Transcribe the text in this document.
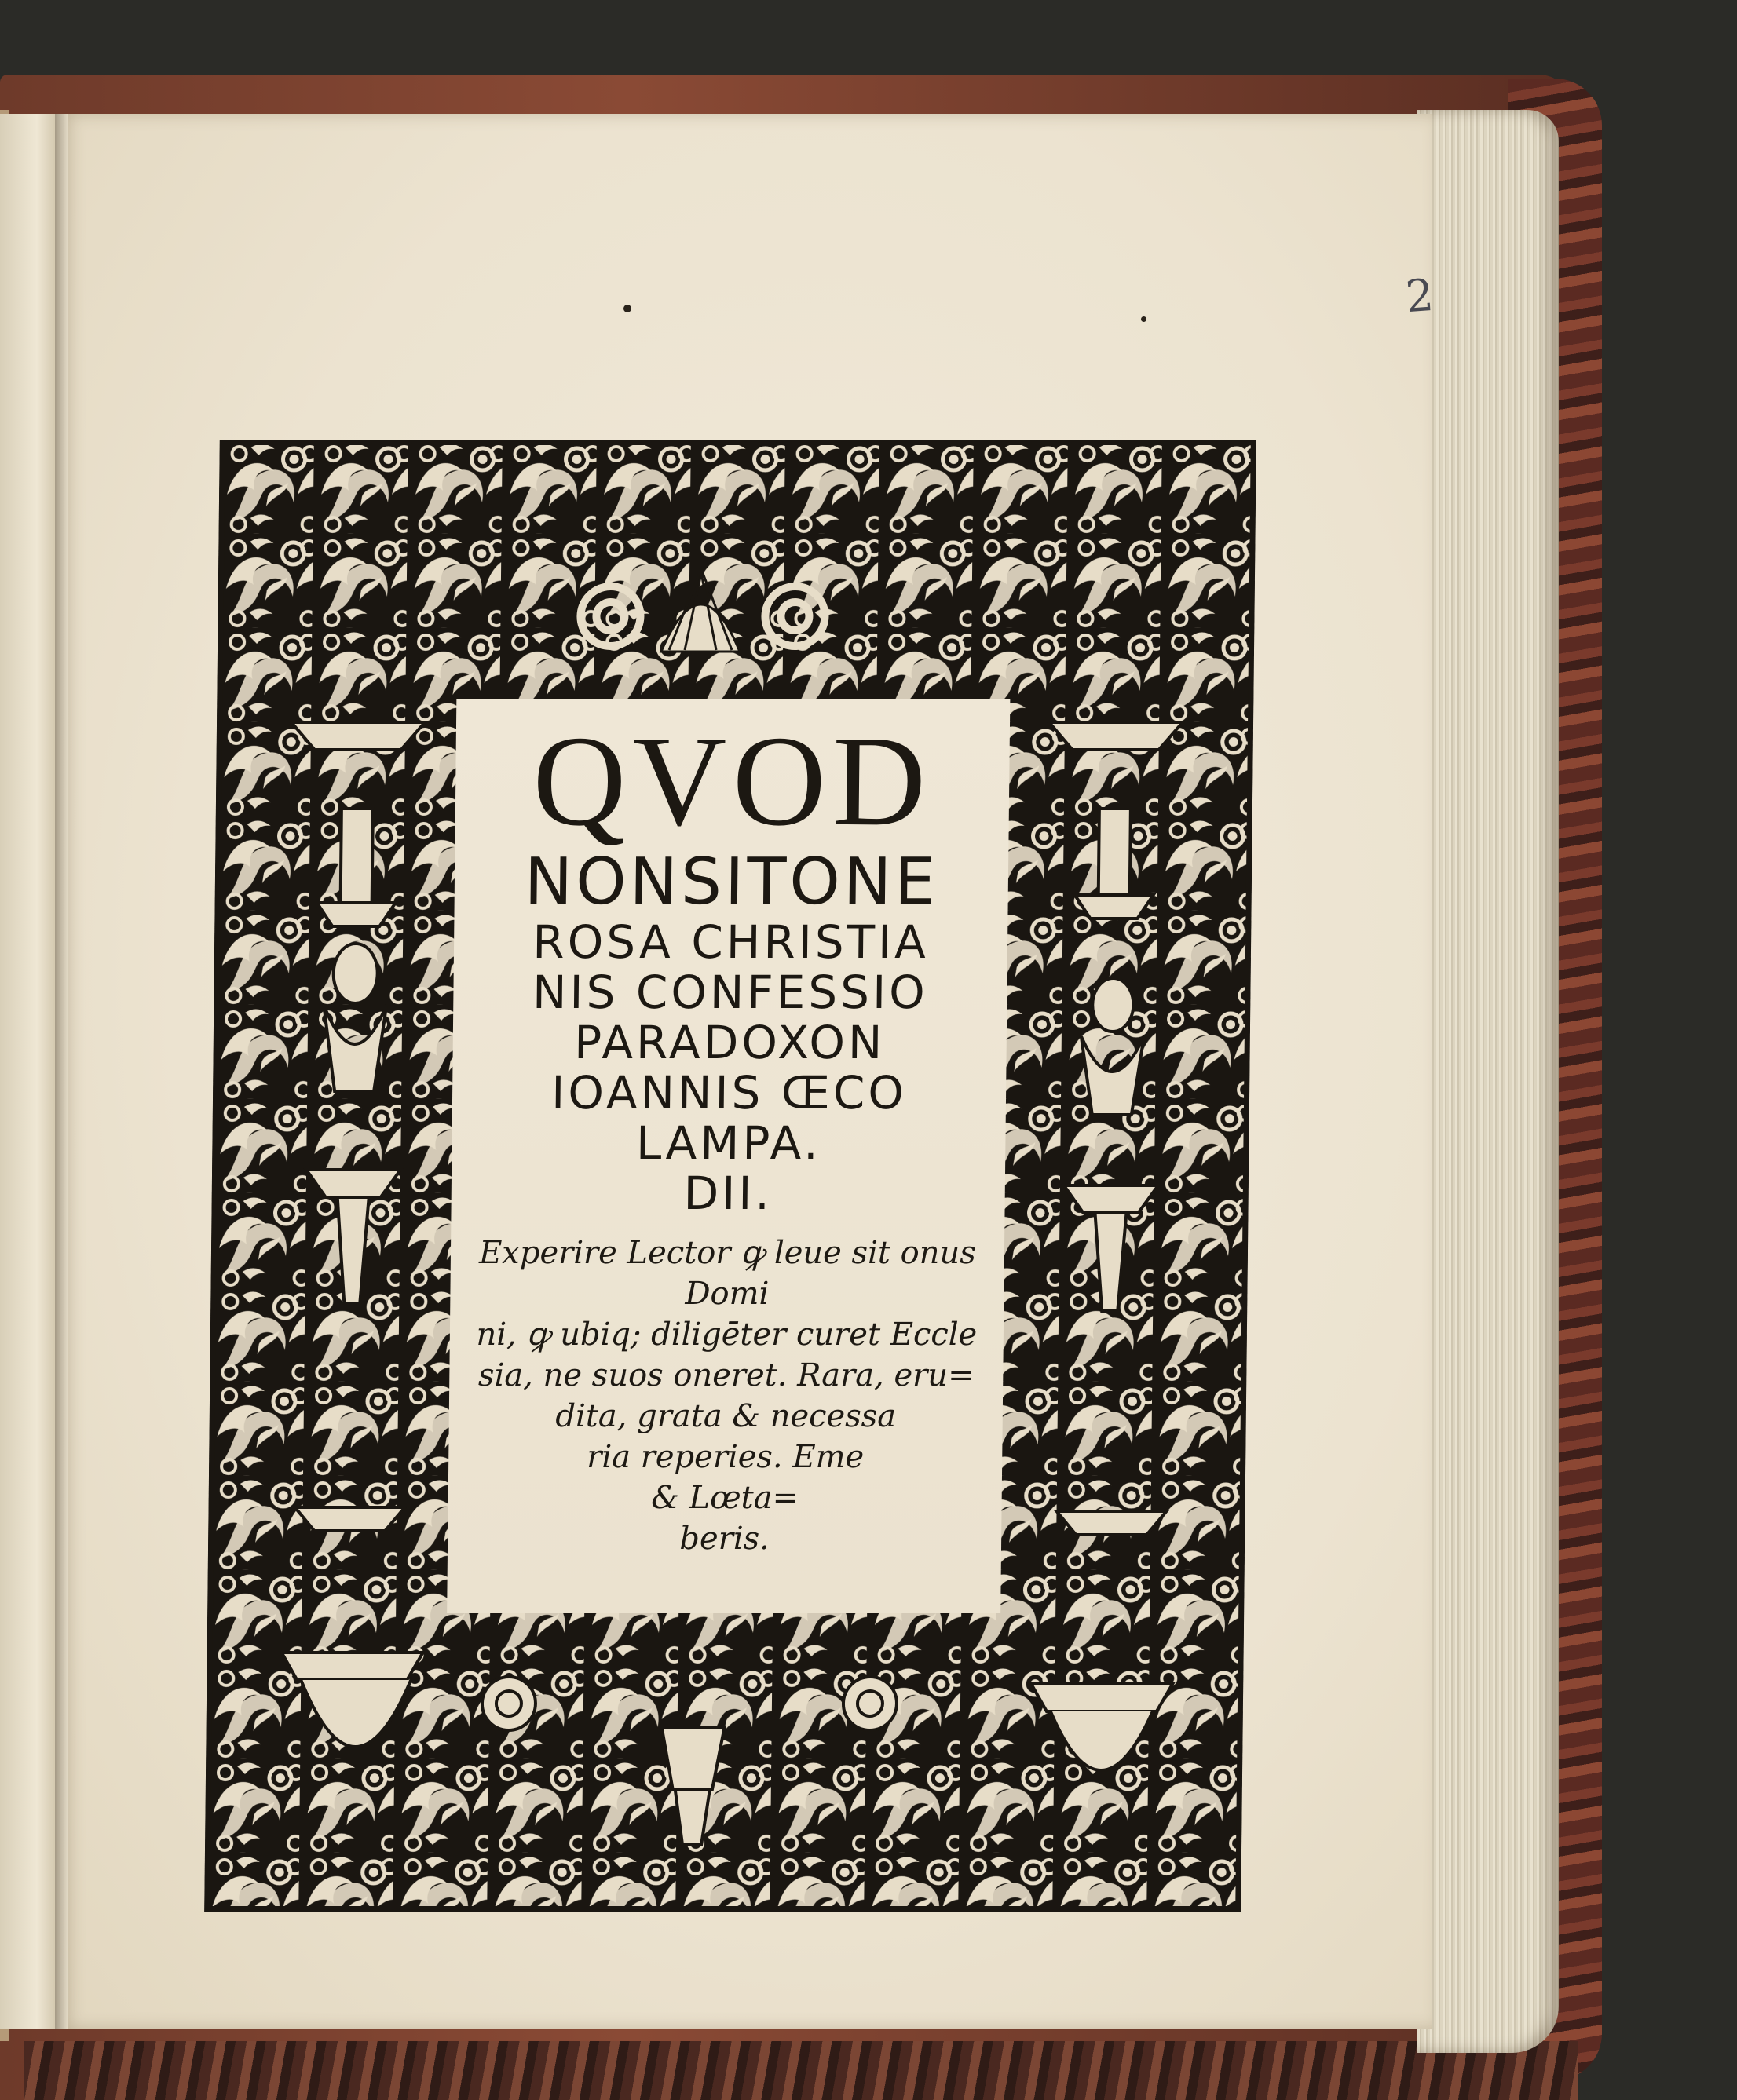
2
QVOD
NONSITONE
ROSA CHRISTIA
NIS CONFESSIO
PARADOXON
IOANNIS ŒCO
LAMPA.
DII.
Experire Lector ꝙ leue sit onus Domi
ni, ꝙ ubiq; diligēter curet Eccle
sia, ne suos oneret. Rara, eru=
dita, grata & necessa
ria reperies. Eme
& Lœta=
beris.
